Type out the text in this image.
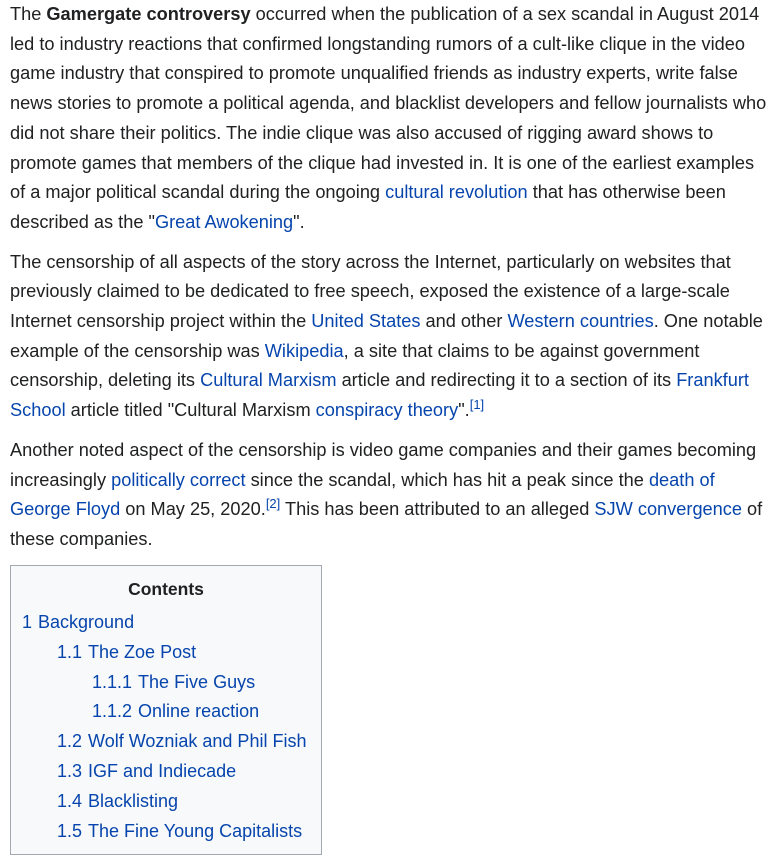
The Gamergate controversy occurred when the publication of a sex scandal in August 2014 led to industry reactions that confirmed longstanding rumors of a cult-like clique in the video game industry that conspired to promote unqualified friends as industry experts, write false news stories to promote a political agenda, and blacklist developers and fellow journalists who did not share their politics. The indie clique was also accused of rigging award shows to promote games that members of the clique had invested in. It is one of the earliest examples of a major political scandal during the ongoing cultural revolution that has otherwise been described as the "Great Awokening".

The censorship of all aspects of the story across the Internet, particularly on websites that previously claimed to be dedicated to free speech, exposed the existence of a large-scale Internet censorship project within the United States and other Western countries. One notable example of the censorship was Wikipedia, a site that claims to be against government censorship, deleting its Cultural Marxism article and redirecting it to a section of its Frankfurt School article titled "Cultural Marxism conspiracy theory".[1]

Another noted aspect of the censorship is video game companies and their games becoming increasingly politically correct since the scandal, which has hit a peak since the death of George Floyd on May 25, 2020.[2] This has been attributed to an alleged SJW convergence of these companies.

Contents
1 Background
1.1 The Zoe Post
1.1.1 The Five Guys
1.1.2 Online reaction
1.2 Wolf Wozniak and Phil Fish
1.3 IGF and Indiecade
1.4 Blacklisting
1.5 The Fine Young Capitalists
